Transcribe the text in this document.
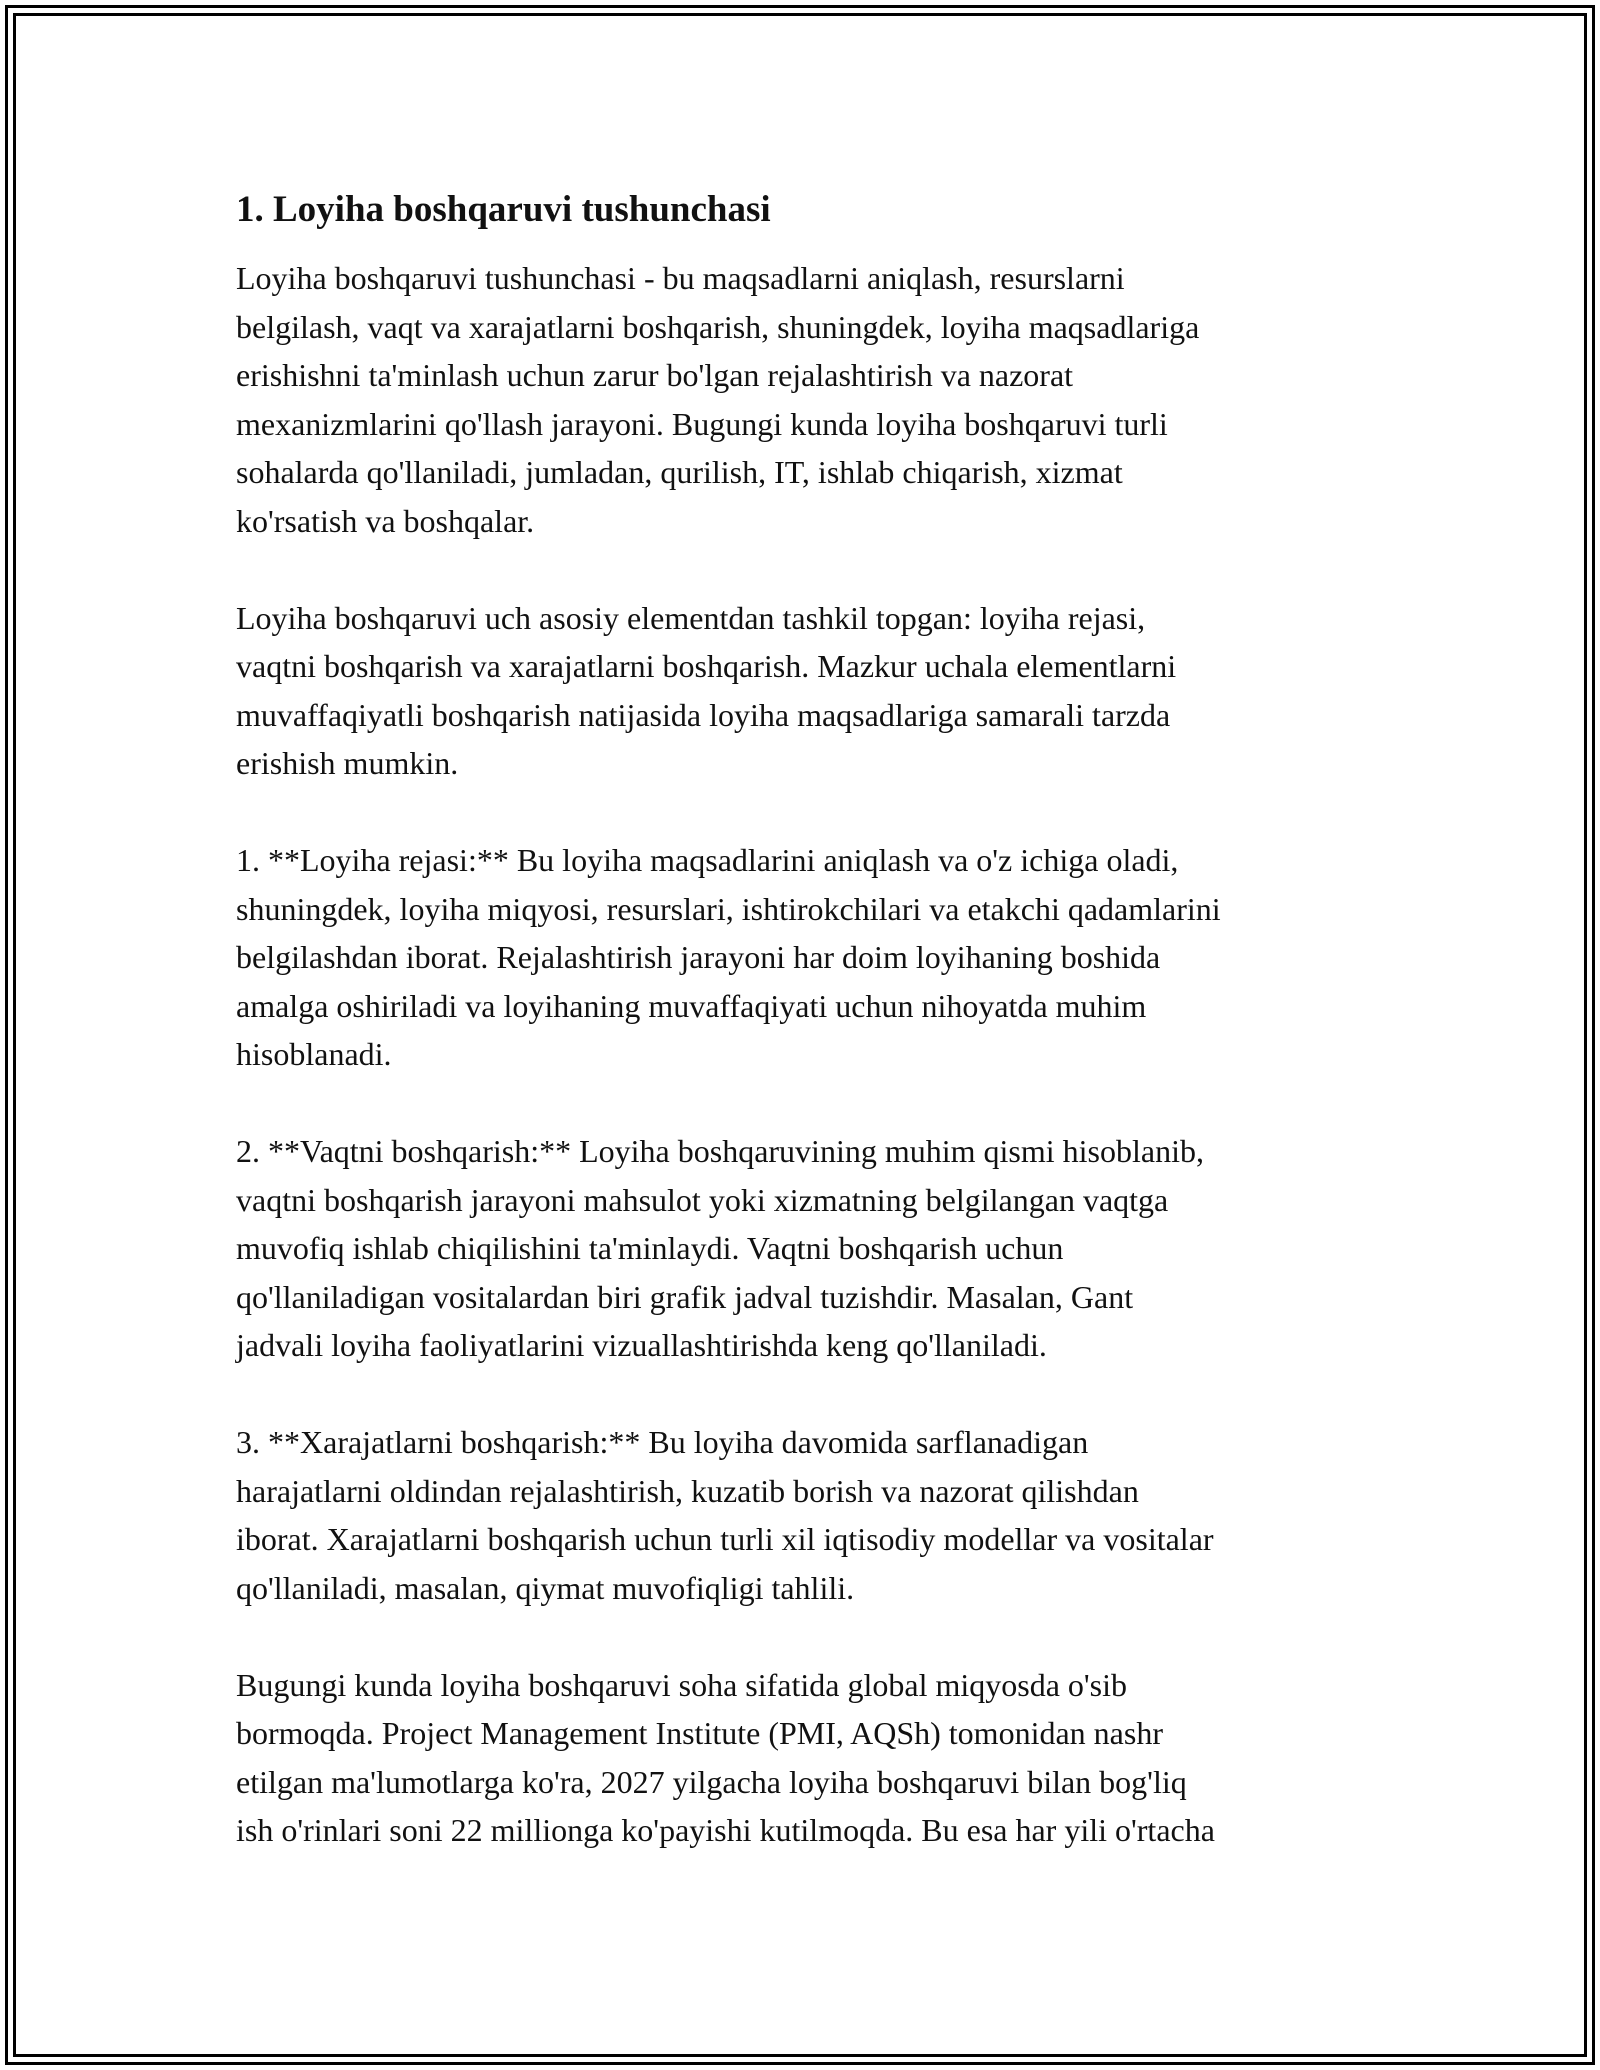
1. Loyiha boshqaruvi tushunchasi

Loyiha boshqaruvi tushunchasi - bu maqsadlarni aniqlash, resurslarni
belgilash, vaqt va xarajatlarni boshqarish, shuningdek, loyiha maqsadlariga
erishishni ta'minlash uchun zarur bo'lgan rejalashtirish va nazorat
mexanizmlarini qo'llash jarayoni. Bugungi kunda loyiha boshqaruvi turli
sohalarda qo'llaniladi, jumladan, qurilish, IT, ishlab chiqarish, xizmat
ko'rsatish va boshqalar.

Loyiha boshqaruvi uch asosiy elementdan tashkil topgan: loyiha rejasi,
vaqtni boshqarish va xarajatlarni boshqarish. Mazkur uchala elementlarni
muvaffaqiyatli boshqarish natijasida loyiha maqsadlariga samarali tarzda
erishish mumkin.

1. **Loyiha rejasi:** Bu loyiha maqsadlarini aniqlash va o'z ichiga oladi,
shuningdek, loyiha miqyosi, resurslari, ishtirokchilari va etakchi qadamlarini
belgilashdan iborat. Rejalashtirish jarayoni har doim loyihaning boshida
amalga oshiriladi va loyihaning muvaffaqiyati uchun nihoyatda muhim
hisoblanadi.

2. **Vaqtni boshqarish:** Loyiha boshqaruvining muhim qismi hisoblanib,
vaqtni boshqarish jarayoni mahsulot yoki xizmatning belgilangan vaqtga
muvofiq ishlab chiqilishini ta'minlaydi. Vaqtni boshqarish uchun
qo'llaniladigan vositalardan biri grafik jadval tuzishdir. Masalan, Gant
jadvali loyiha faoliyatlarini vizuallashtirishda keng qo'llaniladi.

3. **Xarajatlarni boshqarish:** Bu loyiha davomida sarflanadigan
harajatlarni oldindan rejalashtirish, kuzatib borish va nazorat qilishdan
iborat. Xarajatlarni boshqarish uchun turli xil iqtisodiy modellar va vositalar
qo'llaniladi, masalan, qiymat muvofiqligi tahlili.

Bugungi kunda loyiha boshqaruvi soha sifatida global miqyosda o'sib
bormoqda. Project Management Institute (PMI, AQSh) tomonidan nashr
etilgan ma'lumotlarga ko'ra, 2027 yilgacha loyiha boshqaruvi bilan bog'liq
ish o'rinlari soni 22 millionga ko'payishi kutilmoqda. Bu esa har yili o'rtacha
